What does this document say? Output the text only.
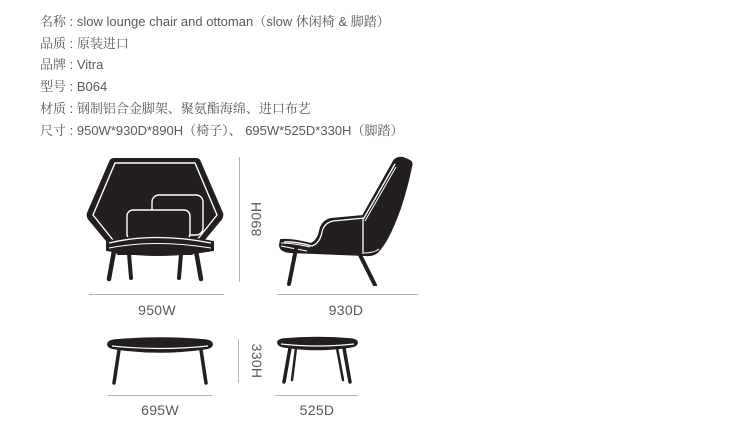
名称 : slow lounge chair and ottoman（slow 休闲椅 & 脚踏）
品质 : 原装进口
品牌 : Vitra
型号 : B064
材质 : 钢制铝合金脚架、聚氨酯海绵、进口布艺
尺寸 : 950W*930D*890H（椅子）、 695W*525D*330H（脚踏）
890H
950W	930D
330H
695W	525D
